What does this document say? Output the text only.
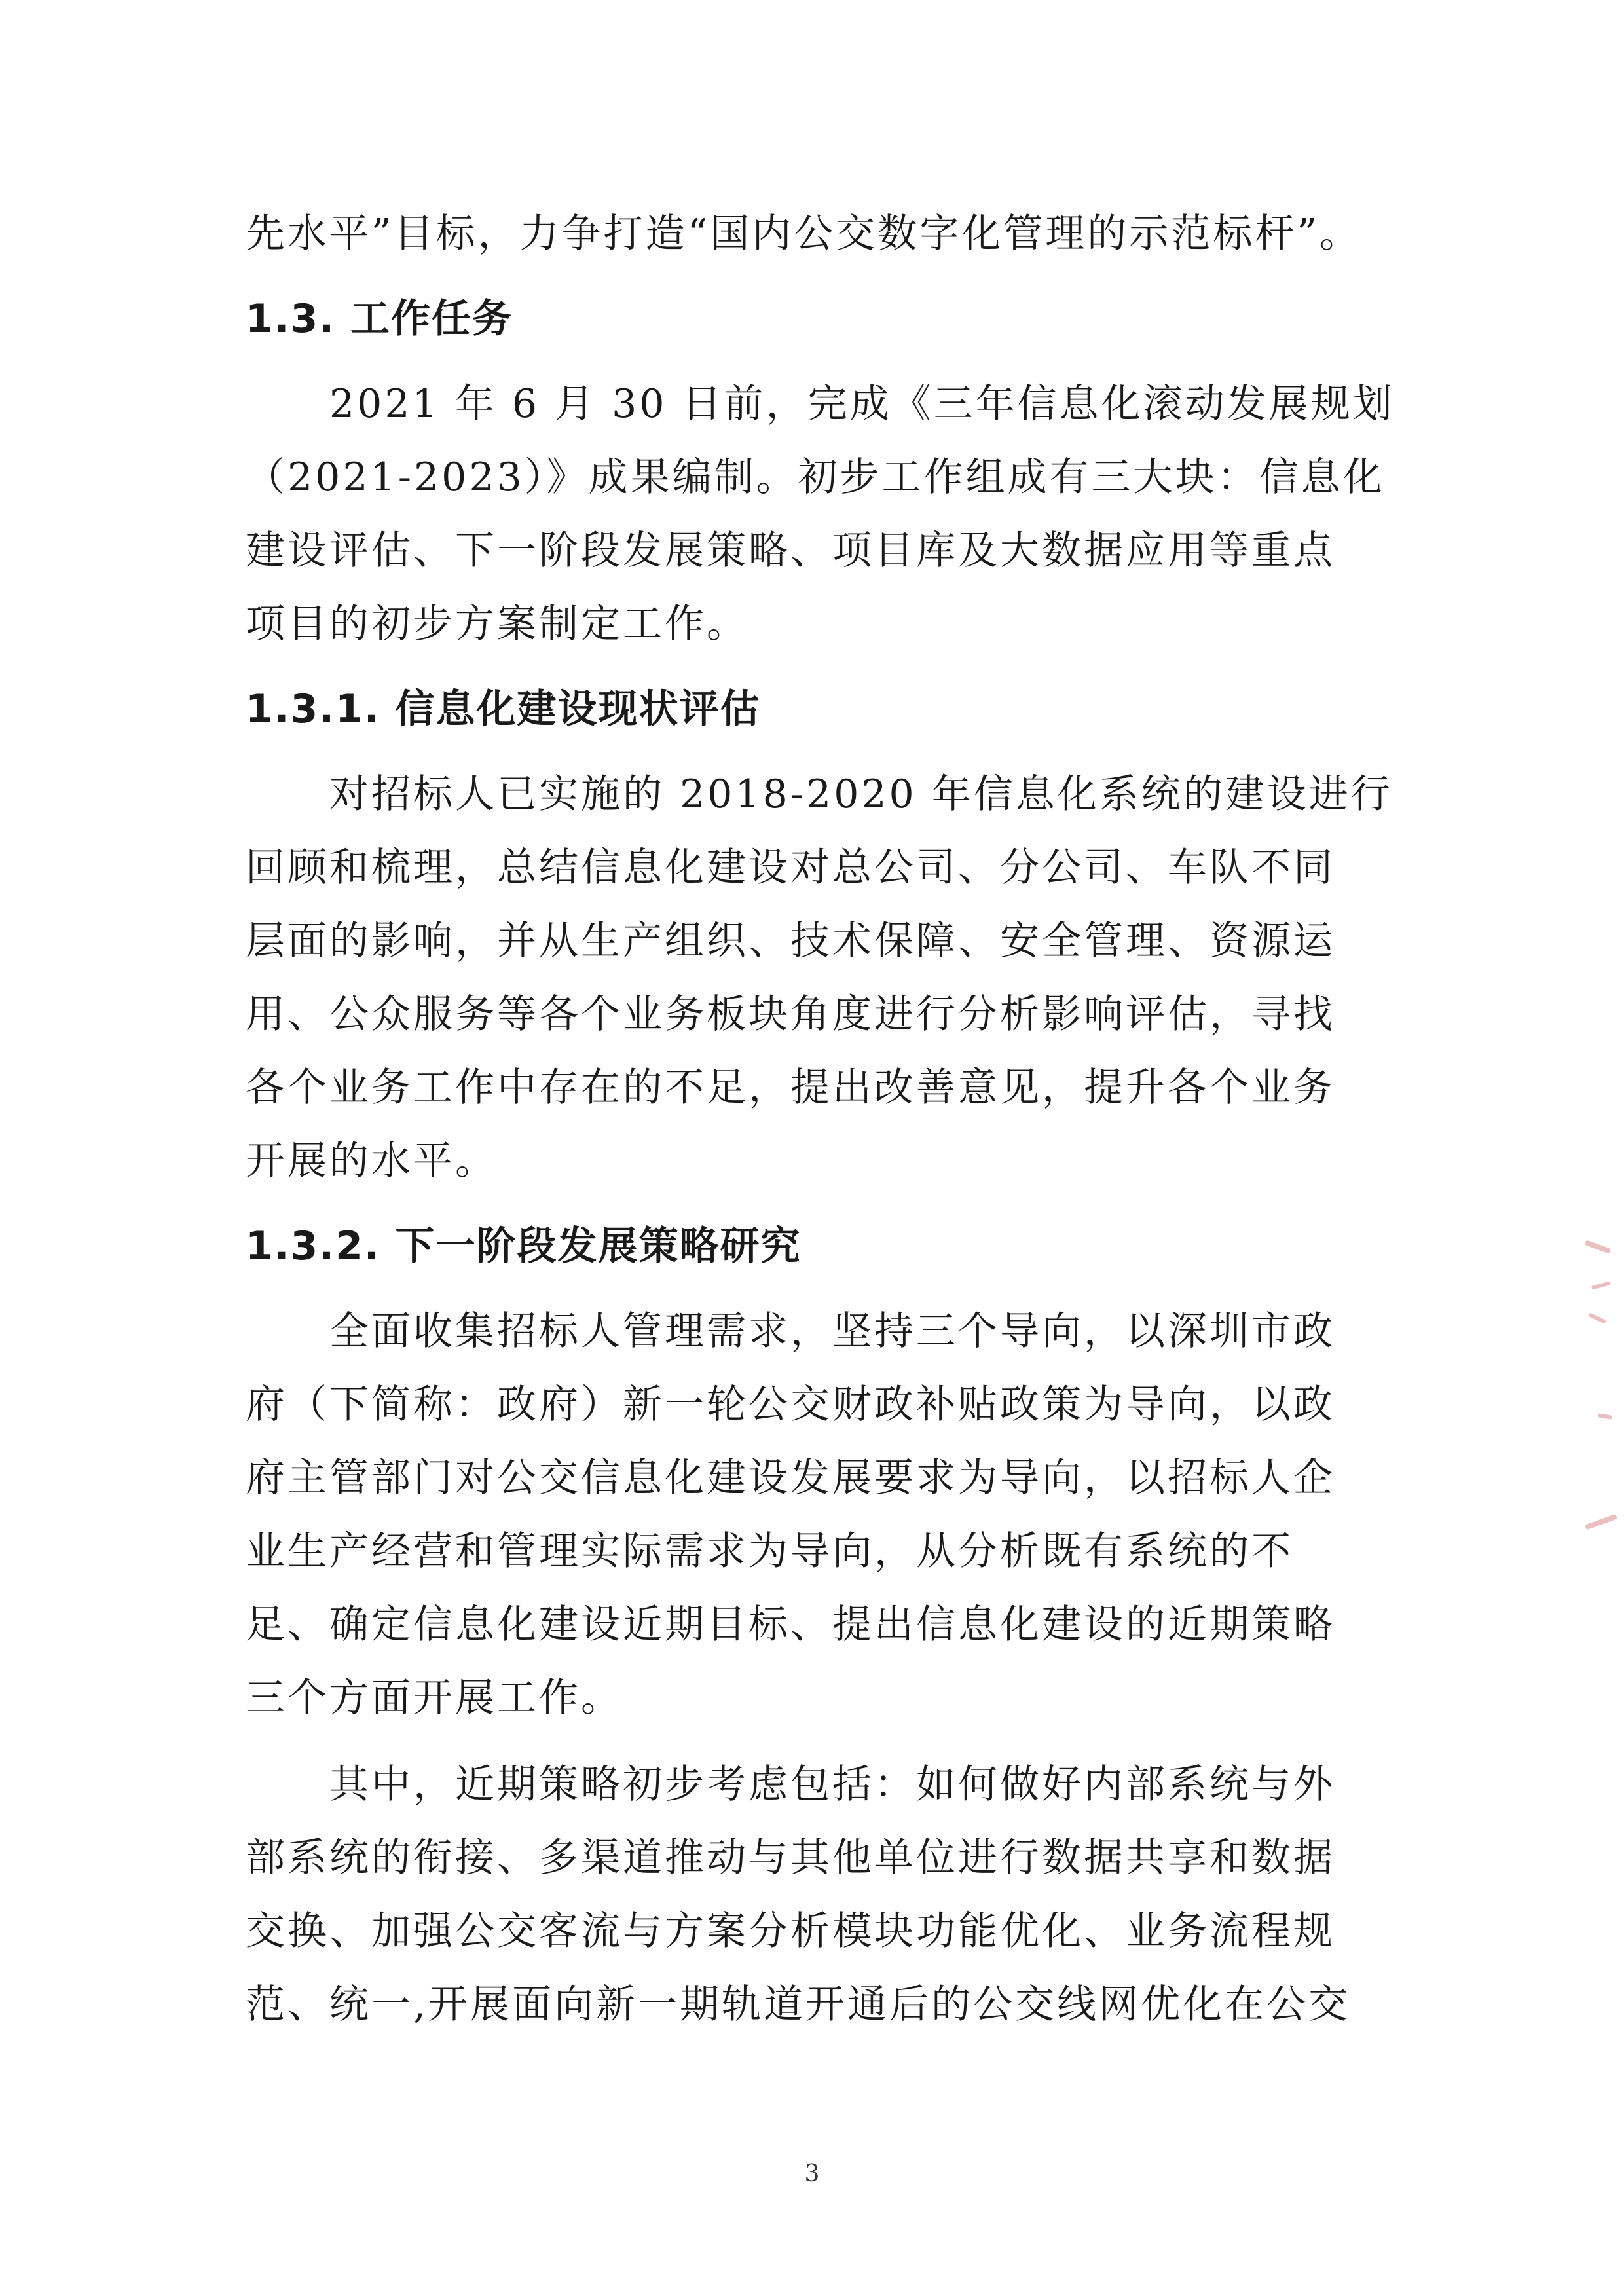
先水平”目标，力争打造“国内公交数字化管理的示范标杆”。
1.3. 工作任务
2021 年 6 月 30 日前，完成《三年信息化滚动发展规划
（2021-2023）》成果编制。初步工作组成有三大块：信息化
建设评估、下一阶段发展策略、项目库及大数据应用等重点
项目的初步方案制定工作。
1.3.1. 信息化建设现状评估
对招标人已实施的 2018-2020 年信息化系统的建设进行
回顾和梳理，总结信息化建设对总公司、分公司、车队不同
层面的影响，并从生产组织、技术保障、安全管理、资源运
用、公众服务等各个业务板块角度进行分析影响评估，寻找
各个业务工作中存在的不足，提出改善意见，提升各个业务
开展的水平。
1.3.2. 下一阶段发展策略研究
全面收集招标人管理需求，坚持三个导向，以深圳市政
府（下简称：政府）新一轮公交财政补贴政策为导向，以政
府主管部门对公交信息化建设发展要求为导向，以招标人企
业生产经营和管理实际需求为导向，从分析既有系统的不
足、确定信息化建设近期目标、提出信息化建设的近期策略
三个方面开展工作。
其中，近期策略初步考虑包括：如何做好内部系统与外
部系统的衔接、多渠道推动与其他单位进行数据共享和数据
交换、加强公交客流与方案分析模块功能优化、业务流程规
范、统一,开展面向新一期轨道开通后的公交线网优化在公交
3
